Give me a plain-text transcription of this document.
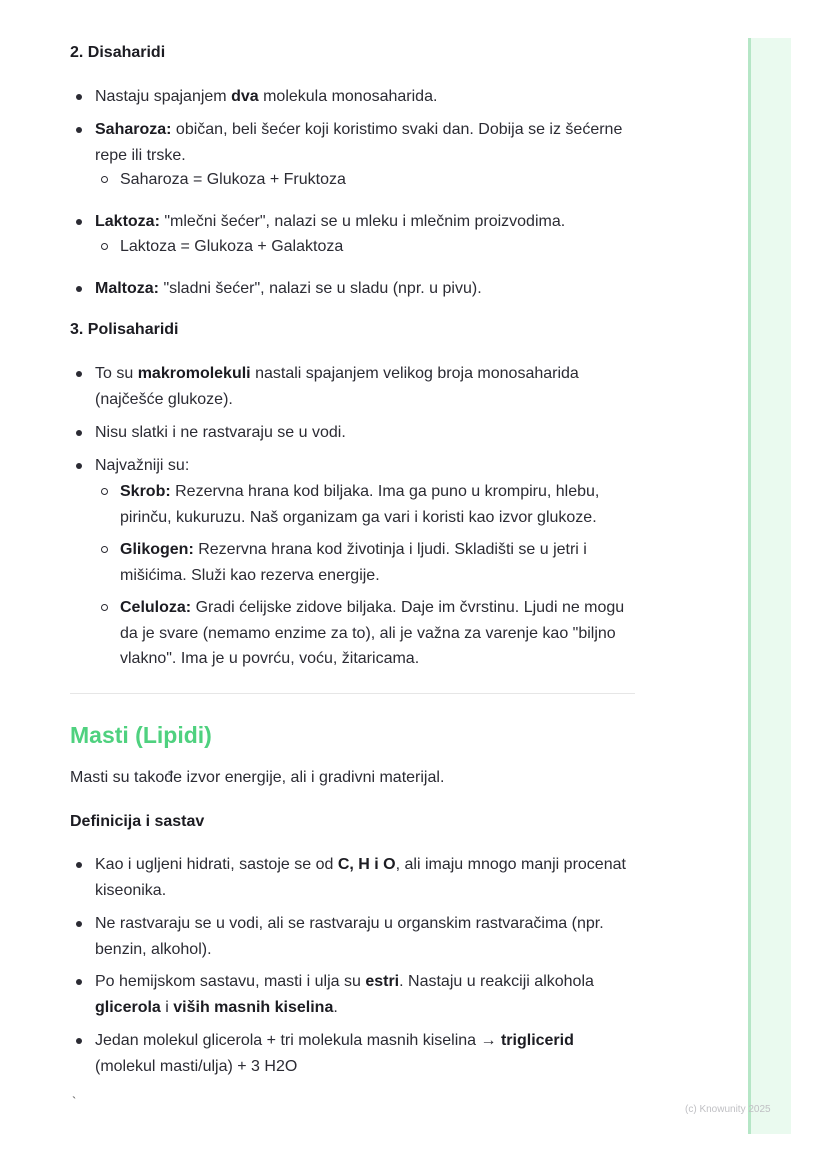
2. Disaharidi

Nastaju spajanjem dva molekula monosaharida.

Saharoza: običan, beli šećer koji koristimo svaki dan. Dobija se iz šećerne repe ili trske.

Saharoza = Glukoza + Fruktoza

Laktoza: "mlečni šećer", nalazi se u mleku i mlečnim proizvodima.

Laktoza = Glukoza + Galaktoza

Maltoza: "sladni šećer", nalazi se u sladu (npr. u pivu).

3. Polisaharidi

To su makromolekuli nastali spajanjem velikog broja monosaharida (najčešće glukoze).

Nisu slatki i ne rastvaraju se u vodi.

Najvažniji su:

Skrob: Rezervna hrana kod biljaka. Ima ga puno u krompiru, hlebu, pirinču, kukuruzu. Naš organizam ga vari i koristi kao izvor glukoze.

Glikogen: Rezervna hrana kod životinja i ljudi. Skladišti se u jetri i mišićima. Služi kao rezerva energije.

Celuloza: Gradi ćelijske zidove biljaka. Daje im čvrstinu. Ljudi ne mogu da je svare (nemamo enzime za to), ali je važna za varenje kao "biljno vlakno". Ima je u povrću, voću, žitaricama.

Masti (Lipidi)

Masti su takođe izvor energije, ali i gradivni materijal.

Definicija i sastav

Kao i ugljeni hidrati, sastoje se od C, H i O, ali imaju mnogo manji procenat kiseonika.

Ne rastvaraju se u vodi, ali se rastvaraju u organskim rastvaračima (npr. benzin, alkohol).

Po hemijskom sastavu, masti i ulja su estri. Nastaju u reakciji alkohola glicerola i viših masnih kiselina.

Jedan molekul glicerola + tri molekula masnih kiselina → triglicerid (molekul masti/ulja) + 3 H2O

`
(c) Knowunity 2025
